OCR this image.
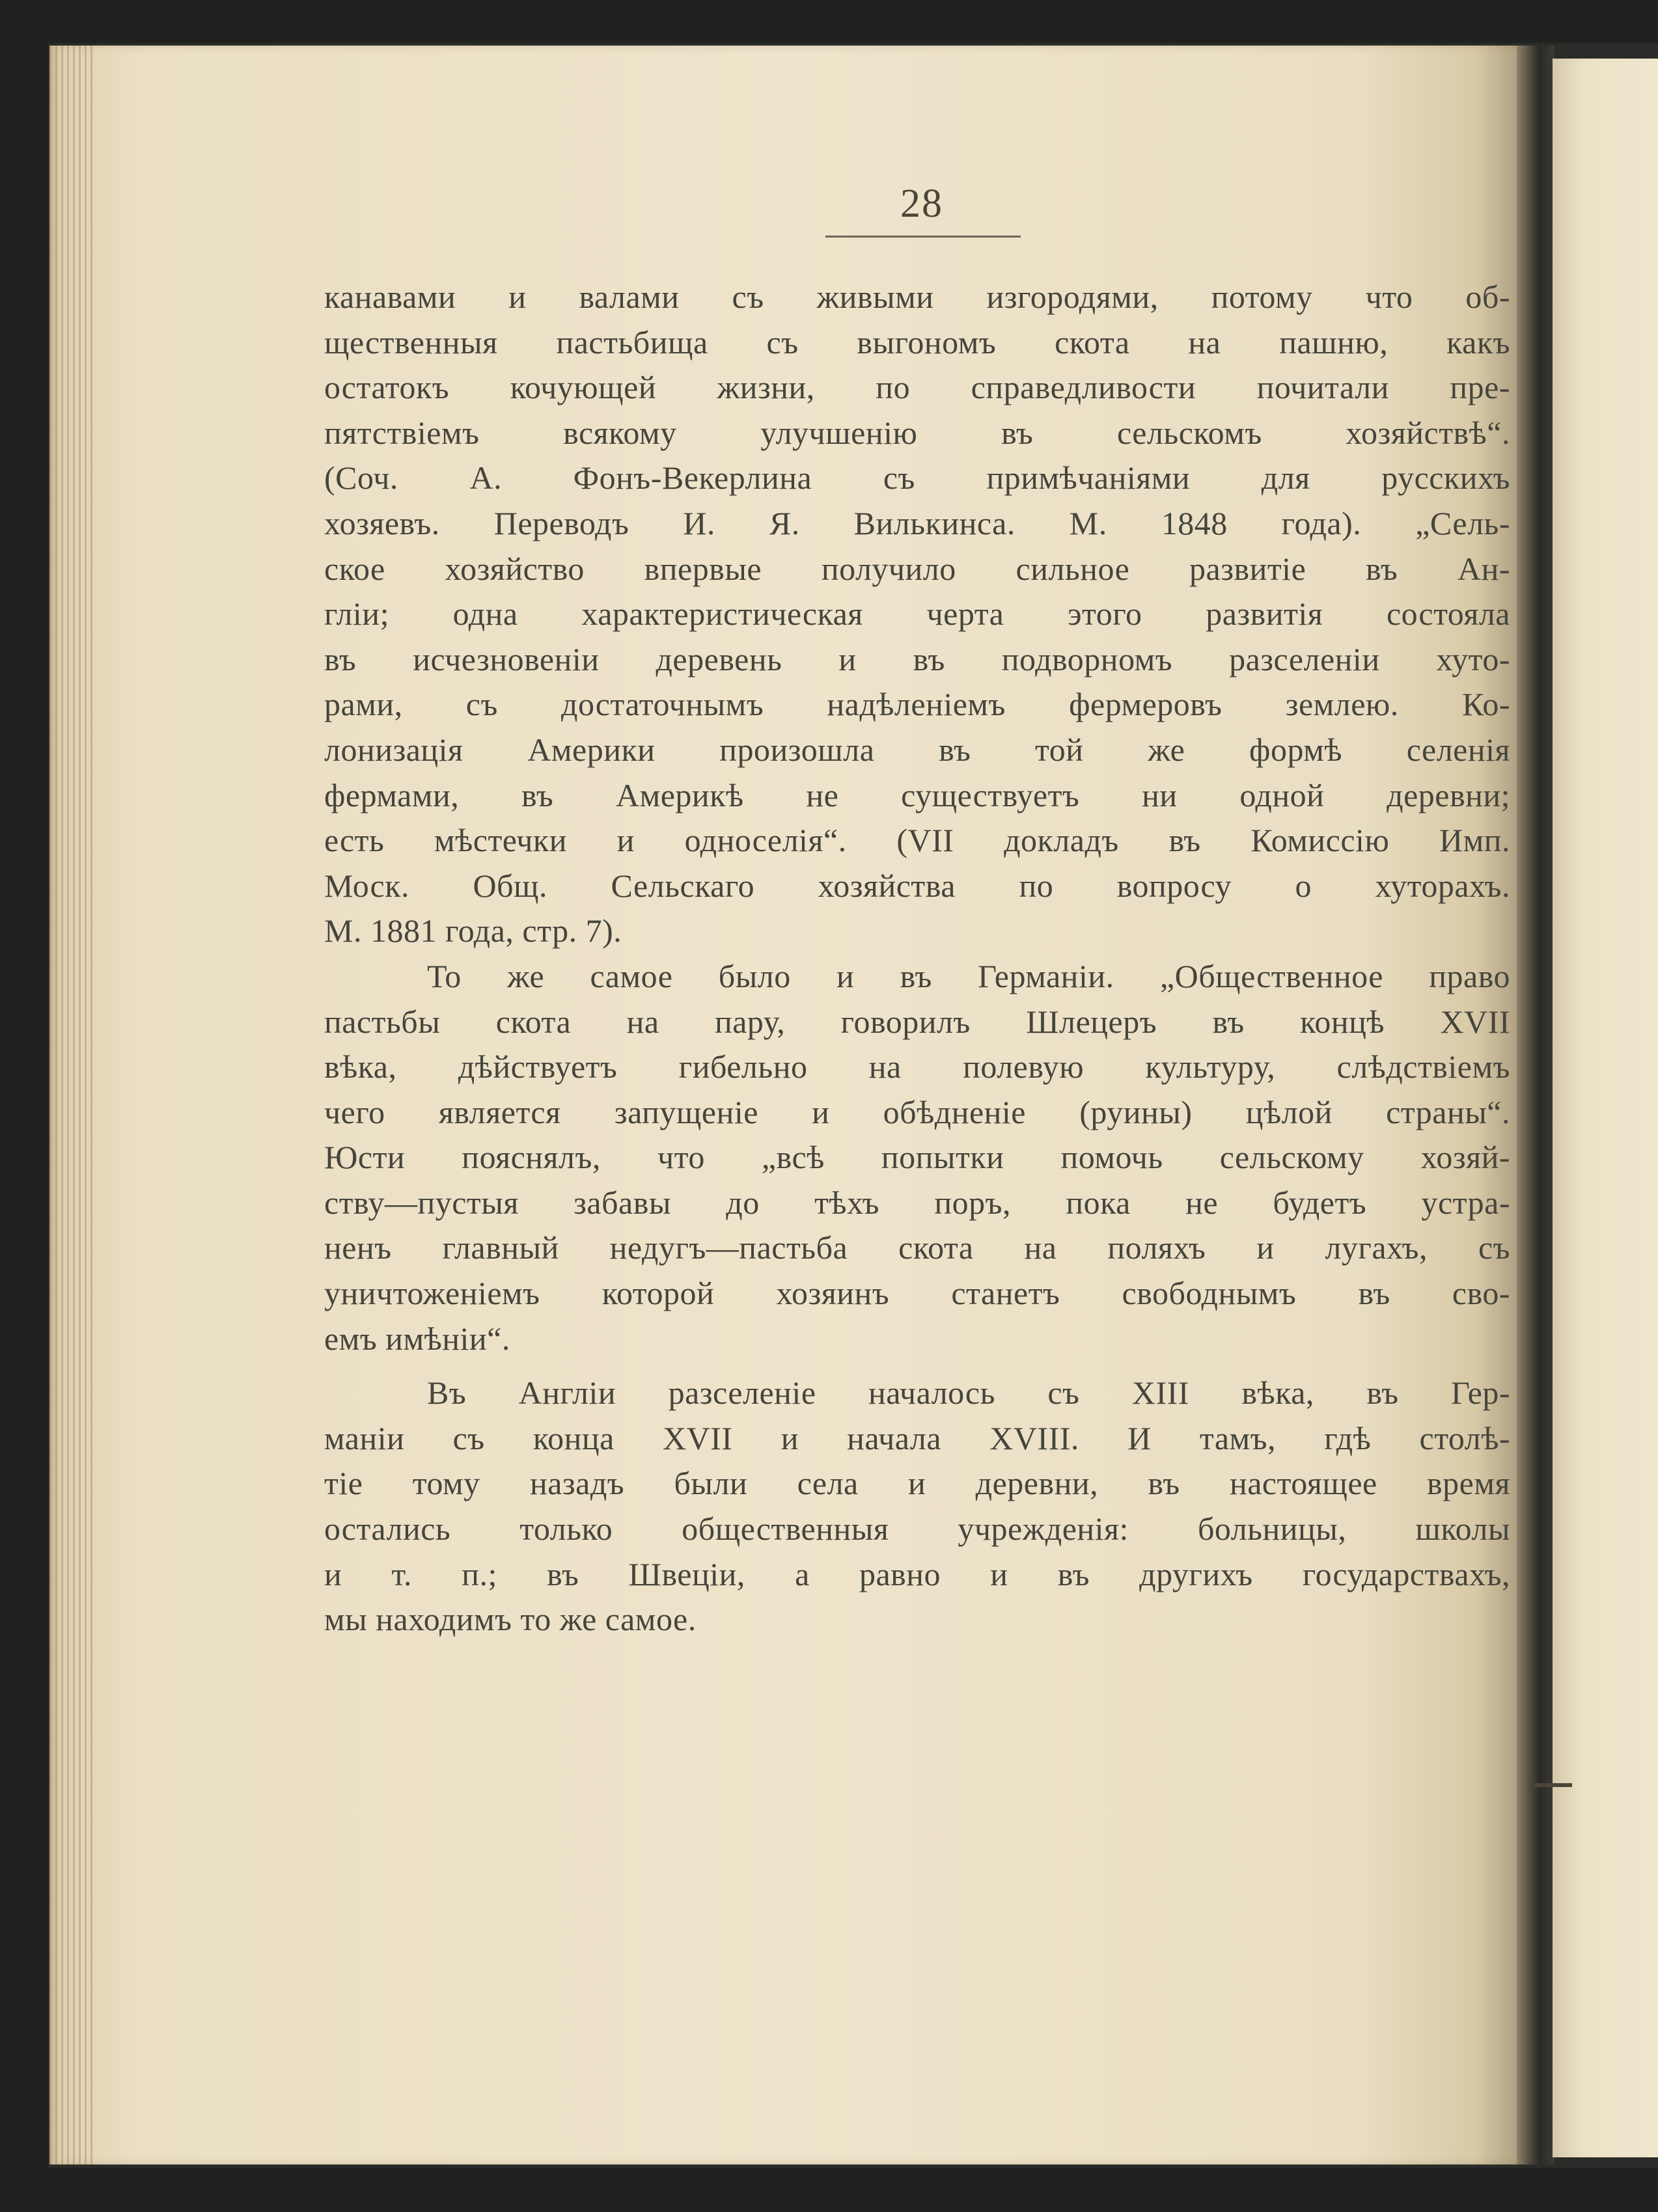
28
канавами и валами съ живыми изгородями, потому что об-
щественныя пастьбища съ выгономъ скота на пашню, какъ
остатокъ кочующей жизни, по справедливости почитали пре-
пятствіемъ всякому улучшенію въ сельскомъ хозяйствѣ“.
(Соч. А. Фонъ-Векерлина съ примѣчаніями для русскихъ
хозяевъ. Переводъ И. Я. Вилькинса. М. 1848 года). „Сель-
ское хозяйство впервые получило сильное развитіе въ Ан-
гліи; одна характеристическая черта этого развитія состояла
въ исчезновеніи деревень и въ подворномъ разселеніи хуто-
рами, съ достаточнымъ надѣленіемъ фермеровъ землею. Ко-
лонизація Америки произошла въ той же формѣ селенія
фермами, въ Америкѣ не существуетъ ни одной деревни;
есть мѣстечки и односелія“. (VII докладъ въ Комиссію Имп.
Моск. Общ. Сельскаго хозяйства по вопросу о хуторахъ.
М. 1881 года, стр. 7).
То же самое было и въ Германіи. „Общественное право
пастьбы скота на пару, говорилъ Шлецеръ въ концѣ XVII
вѣка, дѣйствуетъ гибельно на полевую культуру, слѣдствіемъ
чего является запущеніе и обѣдненіе (руины) цѣлой страны“.
Юсти пояснялъ, что „всѣ попытки помочь сельскому хозяй-
ству—пустыя забавы до тѣхъ поръ, пока не будетъ устра-
ненъ главный недугъ—пастьба скота на поляхъ и лугахъ, съ
уничтоженіемъ которой хозяинъ станетъ свободнымъ въ сво-
емъ имѣніи“.
Въ Англіи разселеніе началось съ XIII вѣка, въ Гер-
маніи съ конца XVII и начала XVIII. И тамъ, гдѣ столѣ-
тіе тому назадъ были села и деревни, въ настоящее время
остались только общественныя учрежденія: больницы, школы
и т. п.; въ Швеціи, а равно и въ другихъ государствахъ,
мы находимъ то же самое.
